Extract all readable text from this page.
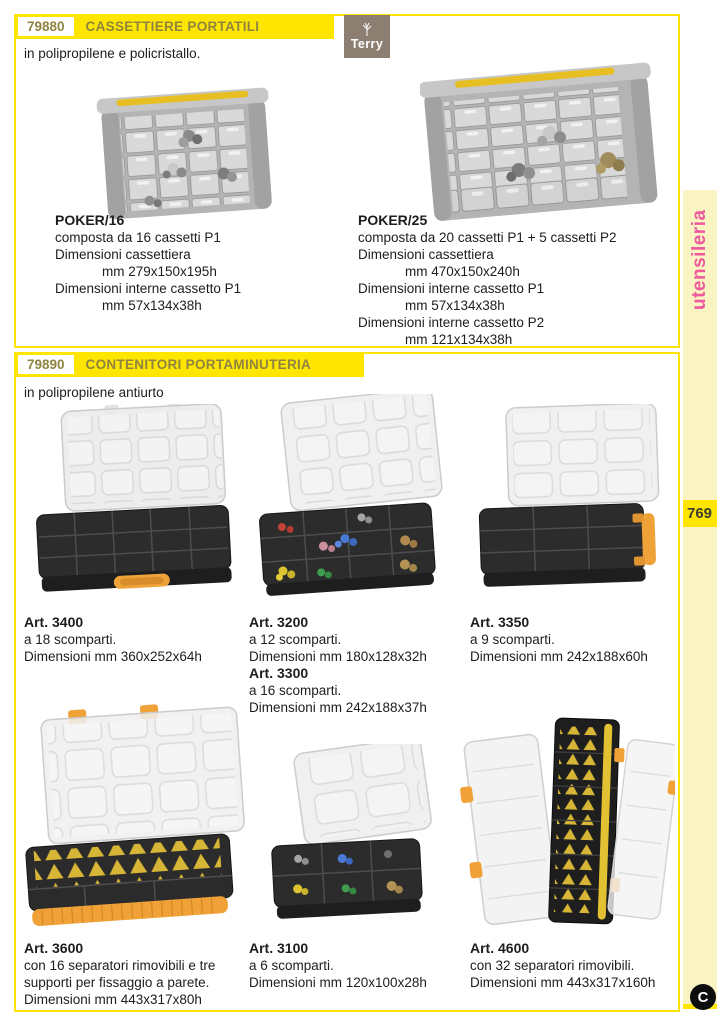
79880	CASSETTIERE PORTATILI
in polipropilene e policristallo.
POKER/16
composta da 16 cassetti P1
Dimensioni cassettiera
mm 279x150x195h
Dimensioni interne cassetto P1
mm 57x134x38h
POKER/25
composta da 20 cassetti P1 + 5 cassetti P2
Dimensioni cassettiera
mm 470x150x240h
Dimensioni interne cassetto P1
mm 57x134x38h
Dimensioni interne cassetto P2
mm 121x134x38h
Terry
79890	CONTENITORI PORTAMINUTERIA
in polipropilene antiurto
Art. 3400
a 18 scomparti.
Dimensioni mm 360x252x64h
Art. 3200
a 12 scomparti.
Dimensioni mm 180x128x32h
Art. 3300
a 16 scomparti.
Dimensioni mm 242x188x37h
Art. 3350
a 9 scomparti.
Dimensioni mm 242x188x60h
Art. 3600
con 16 separatori rimovibili e tre
supporti per fissaggio a parete.
Dimensioni mm 443x317x80h
Art. 3100
a 6 scomparti.
Dimensioni mm 120x100x28h
Art. 4600
con 32 separatori rimovibili.
Dimensioni mm 443x317x160h
utensileria
769
C
